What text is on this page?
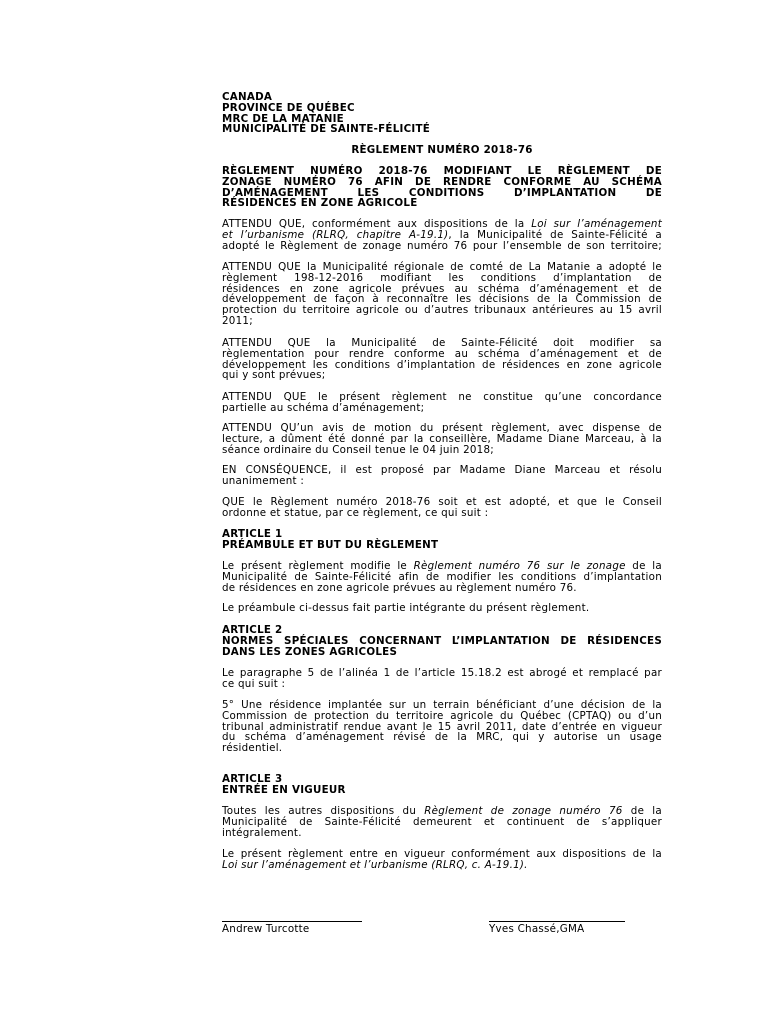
CANADA
PROVINCE DE QUÉBEC
MRC DE LA MATANIE
MUNICIPALITÉ DE SAINTE-FÉLICITÉ
RÈGLEMENT NUMÉRO 2018-76
RÈGLEMENT NUMÉRO 2018-76 MODIFIANT LE RÈGLEMENT DE
ZONAGE NUMÉRO 76 AFIN DE RENDRE CONFORME AU SCHÉMA
D’AMÉNAGEMENT LES CONDITIONS D’IMPLANTATION DE
RÉSIDENCES EN ZONE AGRICOLE
ATTENDU QUE, conformément aux dispositions de la Loi sur l’aménagement
et l’urbanisme (RLRQ, chapitre A-19.1), la Municipalité de Sainte-Félicité a
adopté le Règlement de zonage numéro 76 pour l’ensemble de son territoire;
ATTENDU QUE la Municipalité régionale de comté de La Matanie a adopté le
règlement 198-12-2016 modifiant les conditions d’implantation de
résidences en zone agricole prévues au schéma d’aménagement et de
développement de façon à reconnaître les décisions de la Commission de
protection du territoire agricole ou d’autres tribunaux antérieures au 15 avril
2011;
ATTENDU QUE la Municipalité de Sainte-Félicité doit modifier sa
règlementation pour rendre conforme au schéma d’aménagement et de
développement les conditions d’implantation de résidences en zone agricole
qui y sont prévues;
ATTENDU QUE le présent règlement ne constitue qu’une concordance
partielle au schéma d’aménagement;
ATTENDU QU’un avis de motion du présent règlement, avec dispense de
lecture, a dûment été donné par la conseillère, Madame Diane Marceau, à la
séance ordinaire du Conseil tenue le 04 juin 2018;
EN CONSÉQUENCE, il est proposé par Madame Diane Marceau et résolu
unanimement :
QUE le Règlement numéro 2018-76 soit et est adopté, et que le Conseil
ordonne et statue, par ce règlement, ce qui suit :
ARTICLE 1
PRÉAMBULE ET BUT DU RÈGLEMENT
Le présent règlement modifie le Règlement numéro 76 sur le zonage de la
Municipalité de Sainte-Félicité afin de modifier les conditions d’implantation
de résidences en zone agricole prévues au règlement numéro 76.
Le préambule ci-dessus fait partie intégrante du présent règlement.
ARTICLE 2
NORMES SPÉCIALES CONCERNANT L’IMPLANTATION DE RÉSIDENCES
DANS LES ZONES AGRICOLES
Le paragraphe 5 de l’alinéa 1 de l’article 15.18.2 est abrogé et remplacé par
ce qui suit :
5° Une résidence implantée sur un terrain bénéficiant d’une décision de la
Commission de protection du territoire agricole du Québec (CPTAQ) ou d’un
tribunal administratif rendue avant le 15 avril 2011, date d’entrée en vigueur
du schéma d’aménagement révisé de la MRC, qui y autorise un usage
résidentiel.
ARTICLE 3
ENTRÉE EN VIGUEUR
Toutes les autres dispositions du Règlement de zonage numéro 76 de la
Municipalité de Sainte-Félicité demeurent et continuent de s’appliquer
intégralement.
Le présent règlement entre en vigueur conformément aux dispositions de la
Loi sur l’aménagement et l’urbanisme (RLRQ, c. A-19.1).
Andrew Turcotte	Yves Chassé,GMA
